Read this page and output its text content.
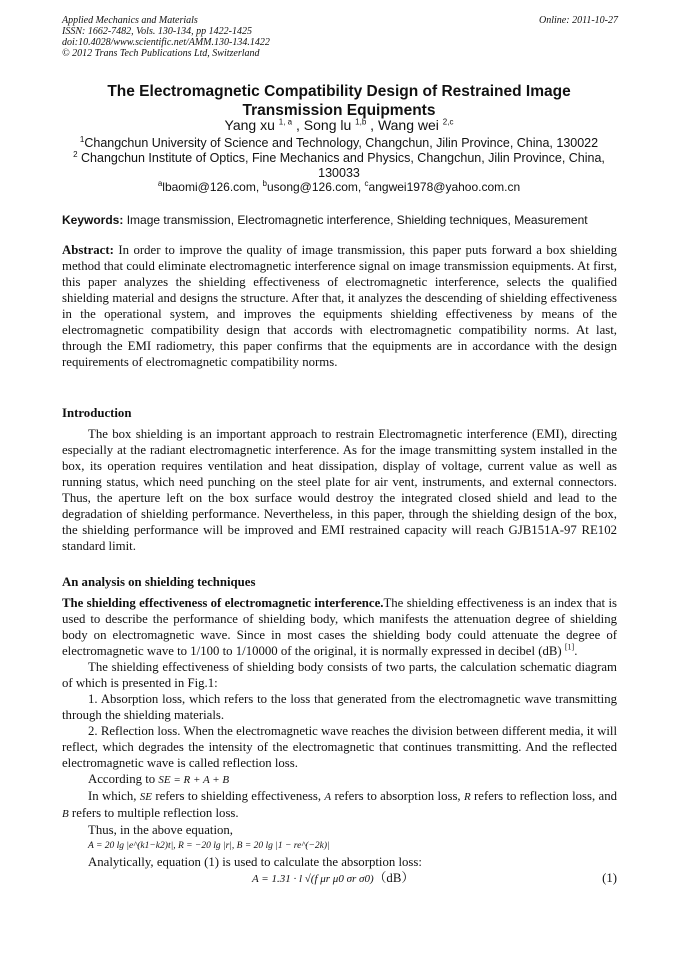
Applied Mechanics and Materials
ISSN: 1662-7482, Vols. 130-134, pp 1422-1425
doi:10.4028/www.scientific.net/AMM.130-134.1422
© 2012 Trans Tech Publications Ltd, Switzerland
Online: 2011-10-27
The Electromagnetic Compatibility Design of Restrained Image
Transmission Equipments
Yang xu $^{1, a}$ , Song lu $^{1,b}$ , Wang wei $^{2,c}$
$^1$Changchun University of Science and Technology, Changchun, Jilin Province, China, 130022
$^2$ Changchun Institute of Optics, Fine Mechanics and Physics, Changchun, Jilin Province, China, 130033
$^a$lbaomi@126.com, $^b$usong@126.com, $^c$angwei1978@yahoo.com.cn
Keywords: Image transmission, Electromagnetic interference, Shielding techniques, Measurement

Abstract: In order to improve the quality of image transmission, this paper puts forward a box shielding method that could eliminate electromagnetic interference signal on image transmission equipments. At first, this paper analyzes the shielding effectiveness of electromagnetic interference, selects the qualified shielding material and designs the structure. After that, it analyzes the descending of shielding effectiveness in the operational system, and improves the equipments shielding effectiveness by means of the electromagnetic compatibility design that accords with electromagnetic compatibility norms. At last, through the EMI radiometry, this paper confirms that the equipments are in accordance with the design requirements of electromagnetic compatibility norms.

Introduction

The box shielding is an important approach to restrain Electromagnetic interference (EMI), directing especially at the radiant electromagnetic interference. As for the image transmitting system installed in the box, its operation requires ventilation and heat dissipation, display of voltage, current value as well as running status, which need punching on the steel plate for air vent, instruments, and external connectors. Thus, the aperture left on the box surface would destroy the integrated closed shield and lead to the degradation of shielding performance. Nevertheless, in this paper, through the shielding design of the box, the shielding performance will be improved and EMI restrained capacity will reach GJB151A-97 RE102 standard limit.

An analysis on shielding techniques

The shielding effectiveness of electromagnetic interference.The shielding effectiveness is an index that is used to describe the performance of shielding body, which manifests the attenuation degree of shielding body on electromagnetic wave. Since in most cases the shielding body could attenuate the degree of electromagnetic wave to 1/100 to 1/10000 of the original, it is normally expressed in decibel (dB) [1].

The shielding effectiveness of shielding body consists of two parts, the calculation schematic diagram of which is presented in Fig.1:

1. Absorption loss, which refers to the loss that generated from the electromagnetic wave transmitting through the shielding materials.

2. Reflection loss. When the electromagnetic wave reaches the division between different media, it will reflect, which degrades the intensity of the electromagnetic that continues transmitting. And the reflected electromagnetic wave is called reflection loss.

According to SE = R + A + B

In which, SE refers to shielding effectiveness, A refers to absorption loss, R refers to reflection loss, and B refers to multiple reflection loss.

Thus, in the above equation,

A = 20 lg |e^(k1−k2)t|, R = −20 lg |r|, B = 20 lg |1 − re^(−2k)|

Analytically, equation (1) is used to calculate the absorption loss:

A = 1.31 · l √(f μr μ0 σr σ0)（dB）	(1)
